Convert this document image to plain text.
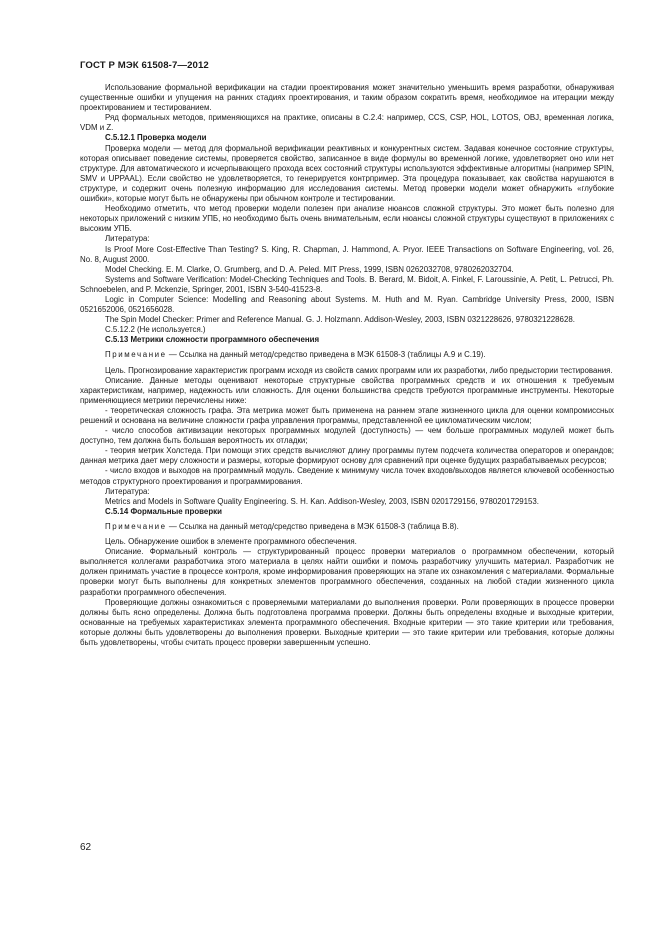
ГОСТ Р МЭК 61508-7—2012

Использование формальной верификации на стадии проектирования может значительно уменьшить время разработки, обнаруживая существенные ошибки и упущения на ранних стадиях проектирования, и таким образом сократить время, необходимое на итерации между проектированием и тестированием.

Ряд формальных методов, применяющихся на практике, описаны в С.2.4: например, CCS, CSP, HOL, LOTOS, OBJ, временная логика, VDM и Z.

С.5.12.1 Проверка модели

Проверка модели — метод для формальной верификации реактивных и конкурентных систем. Задавая конечное состояние структуры, которая описывает поведение системы, проверяется свойство, записанное в виде формулы во временной логике, удовлетворяет оно или нет структуре. Для автоматического и исчерпывающего прохода всех состояний структуры используются эффективные алгоритмы (например SPIN, SMV и UPPAAL). Если свойство не удовлетворяется, то генерируется контрпример. Эта процедура показывает, как свойства нарушаются в структуре, и содержит очень полезную информацию для исследования системы. Метод проверки модели может обнаружить «глубокие ошибки», которые могут быть не обнаружены при обычном контроле и тестировании.

Необходимо отметить, что метод проверки модели полезен при анализе нюансов сложной структуры. Это может быть полезно для некоторых приложений с низким УПБ, но необходимо быть очень внимательным, если нюансы сложной структуры существуют в приложениях с высоким УПБ.

Литература:

Is Proof More Cost-Effective Than Testing? S. King, R. Chapman, J. Hammond, A. Pryor. IEEE Transactions on Software Engineering, vol. 26, No. 8, August 2000.

Model Checking. E. M. Clarke, O. Grumberg, and D. A. Peled. MIT Press, 1999, ISBN 0262032708, 9780262032704.

Systems and Software Verification: Model-Checking Techniques and Tools. B. Berard, M. Bidoit, A. Finkel, F. Laroussinie, A. Petit, L. Petrucci, Ph. Schnoebelen, and P. Mckenzie, Springer, 2001, ISBN 3-540-41523-8.

Logic in Computer Science: Modelling and Reasoning about Systems. M. Huth and M. Ryan. Cambridge University Press, 2000, ISBN 0521652006, 0521656028.

The Spin Model Checker: Primer and Reference Manual. G. J. Holzmann. Addison-Wesley, 2003, ISBN 0321228626, 9780321228628.

С.5.12.2 (Не используется.)

С.5.13 Метрики сложности программного обеспечения

Примечание — Ссылка на данный метод/средство приведена в МЭК 61508-3 (таблицы А.9 и С.19).

Цель. Прогнозирование характеристик программ исходя из свойств самих программ или их разработки, либо предыстории тестирования.

Описание. Данные методы оценивают некоторые структурные свойства программных средств и их отношения к требуемым характеристикам, например, надежность или сложность. Для оценки большинства средств требуются программные инструменты. Некоторые применяющиеся метрики перечислены ниже:

- теоретическая сложность графа. Эта метрика может быть применена на раннем этапе жизненного цикла для оценки компромиссных решений и основана на величине сложности графа управления программы, представленной ее цикломатическим числом;

- число способов активизации некоторых программных модулей (доступность) — чем больше программных модулей может быть доступно, тем должна быть большая вероятность их отладки;

- теория метрик Холстеда. При помощи этих средств вычисляют длину программы путем подсчета количества операторов и операндов; данная метрика дает меру сложности и размеры, которые формируют основу для сравнений при оценке будущих разрабатываемых ресурсов;

- число входов и выходов на программный модуль. Сведение к минимуму числа точек входов/выходов является ключевой особенностью методов структурного проектирования и программирования.

Литература:

Metrics and Models in Software Quality Engineering. S. H. Kan. Addison-Wesley, 2003, ISBN 0201729156, 9780201729153.

С.5.14 Формальные проверки

Примечание — Ссылка на данный метод/средство приведена в МЭК 61508-3 (таблица В.8).

Цель. Обнаружение ошибок в элементе программного обеспечения.

Описание. Формальный контроль — структурированный процесс проверки материалов о программном обеспечении, который выполняется коллегами разработчика этого материала в целях найти ошибки и помочь разработчику улучшить материал. Разработчик не должен принимать участие в процессе контроля, кроме информирования проверяющих на этапе их ознакомления с материалами. Формальные проверки могут быть выполнены для конкретных элементов программного обеспечения, созданных на любой стадии жизненного цикла разработки программного обеспечения.

Проверяющие должны ознакомиться с проверяемыми материалами до выполнения проверки. Роли проверяющих в процессе проверки должны быть ясно определены. Должна быть подготовлена программа проверки. Должны быть определены входные и выходные критерии, основанные на требуемых характеристиках элемента программного обеспечения. Входные критерии — это такие критерии или требования, которые должны быть удовлетворены до выполнения проверки. Выходные критерии — это такие критерии или требования, которые должны быть удовлетворены, чтобы считать процесс проверки завершенным успешно.

62
